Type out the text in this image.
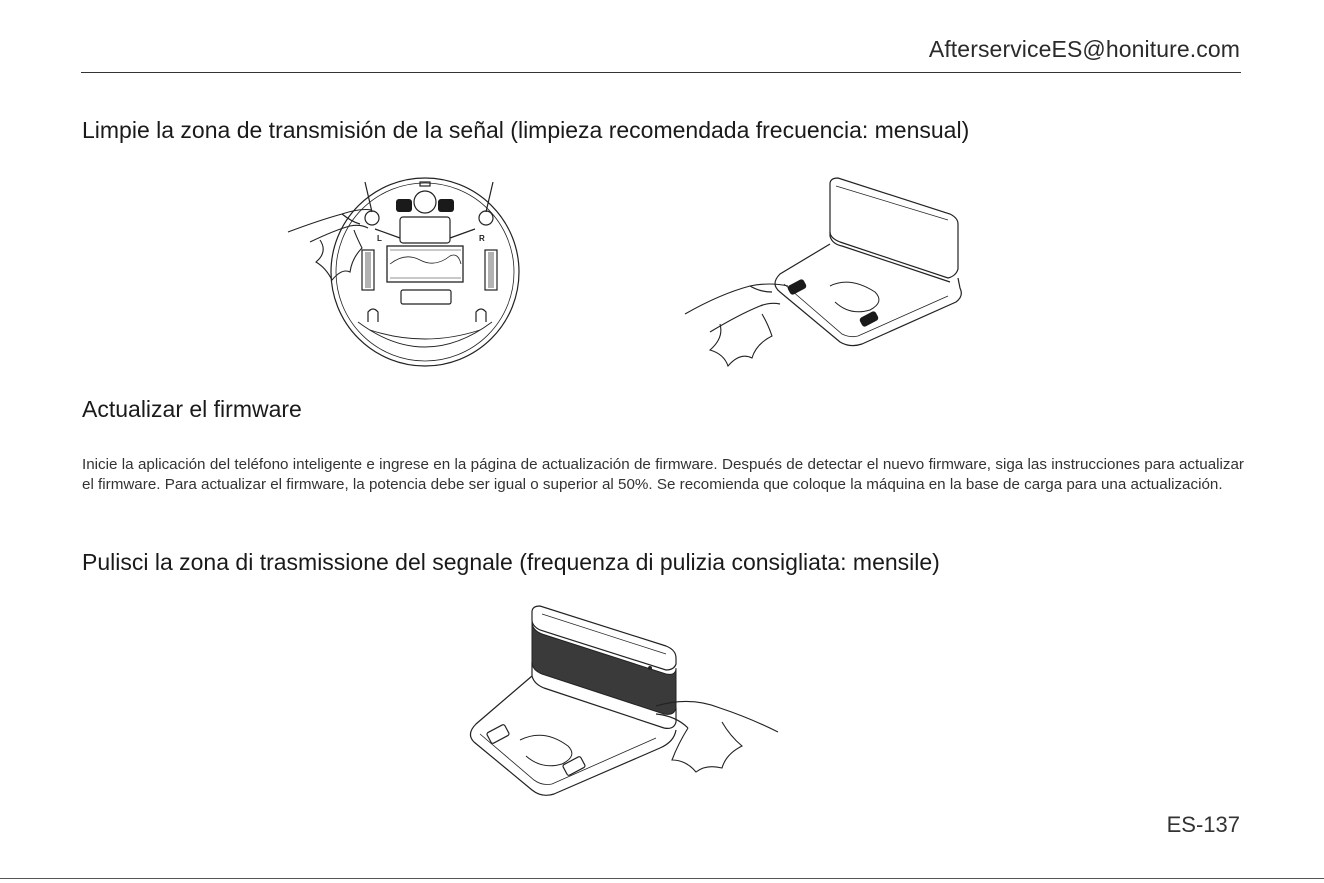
AfterserviceES@honiture.com
Limpie la zona de transmisión de la señal (limpieza recomendada frecuencia: mensual)
L	R
Actualizar el firmware

Inicie la aplicación del teléfono inteligente e ingrese en la página de actualización de firmware. Después de detectar el nuevo firmware, siga las instrucciones para actualizar el firmware. Para actualizar el firmware, la potencia debe ser igual o superior al 50%. Se recomienda que coloque la máquina en la base de carga para una actualización.

Pulisci la zona di trasmissione del segnale (frequenza di pulizia consigliata: mensile)
ES-137
